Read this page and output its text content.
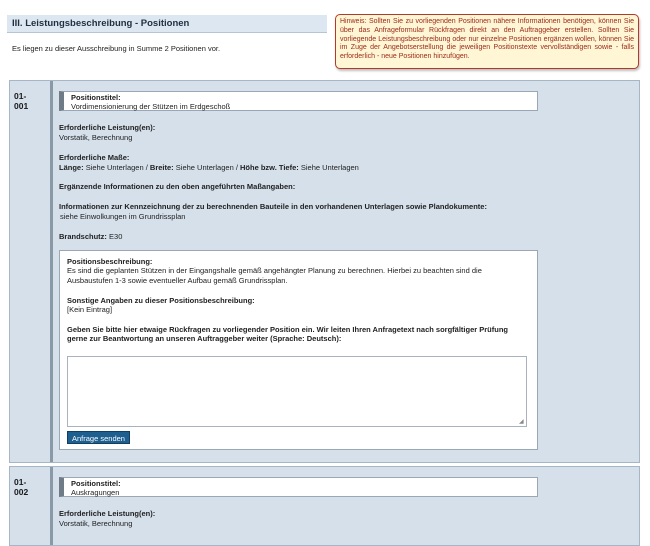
III. Leistungsbeschreibung - Positionen	Hinweis: Sollten Sie zu vorliegenden Positionen nähere Informationen benötigen, können Sie über das Anfrageformular Rückfragen direkt an den Auftraggeber erstellen. Sollten Sie vorliegende Leistungsbeschreibung oder nur einzelne Positionen ergänzen wollen, können Sie im Zuge der Angebotserstellung die jeweiligen Positionstexte vervollständigen sowie - falls erforderlich - neue Positionen hinzufügen.
Es liegen zu dieser Ausschreibung in Summe 2 Positionen vor.
01-
001
Positionstitel:
Vordimensionierung der Stützen im Erdgeschoß
Erforderliche Leistung(en):
Vorstatik, Berechnung
Erforderliche Maße:
Länge: Siehe Unterlagen / Breite: Siehe Unterlagen / Höhe bzw. Tiefe: Siehe Unterlagen
Ergänzende Informationen zu den oben angeführten Maßangaben:
Informationen zur Kennzeichnung der zu berechnenden Bauteile in den vorhandenen Unterlagen sowie Plandokumente:
siehe Einwolkungen im Grundrissplan
Brandschutz: E30
Positionsbeschreibung:
Es sind die geplanten Stützen in der Eingangshalle gemäß angehängter Planung zu berechnen. Hierbei zu beachten sind die Ausbaustufen 1-3 sowie eventueller Aufbau gemäß Grundrissplan.
Sonstige Angaben zu dieser Positionsbeschreibung:
[Kein Eintrag]
Geben Sie bitte hier etwaige Rückfragen zu vorliegender Position ein. Wir leiten Ihren Anfragetext nach sorgfältiger Prüfung gerne zur Beantwortung an unseren Auftraggeber weiter (Sprache: Deutsch):
◢
Anfrage senden
01-
002
Positionstitel:
Auskragungen
Erforderliche Leistung(en):
Vorstatik, Berechnung
